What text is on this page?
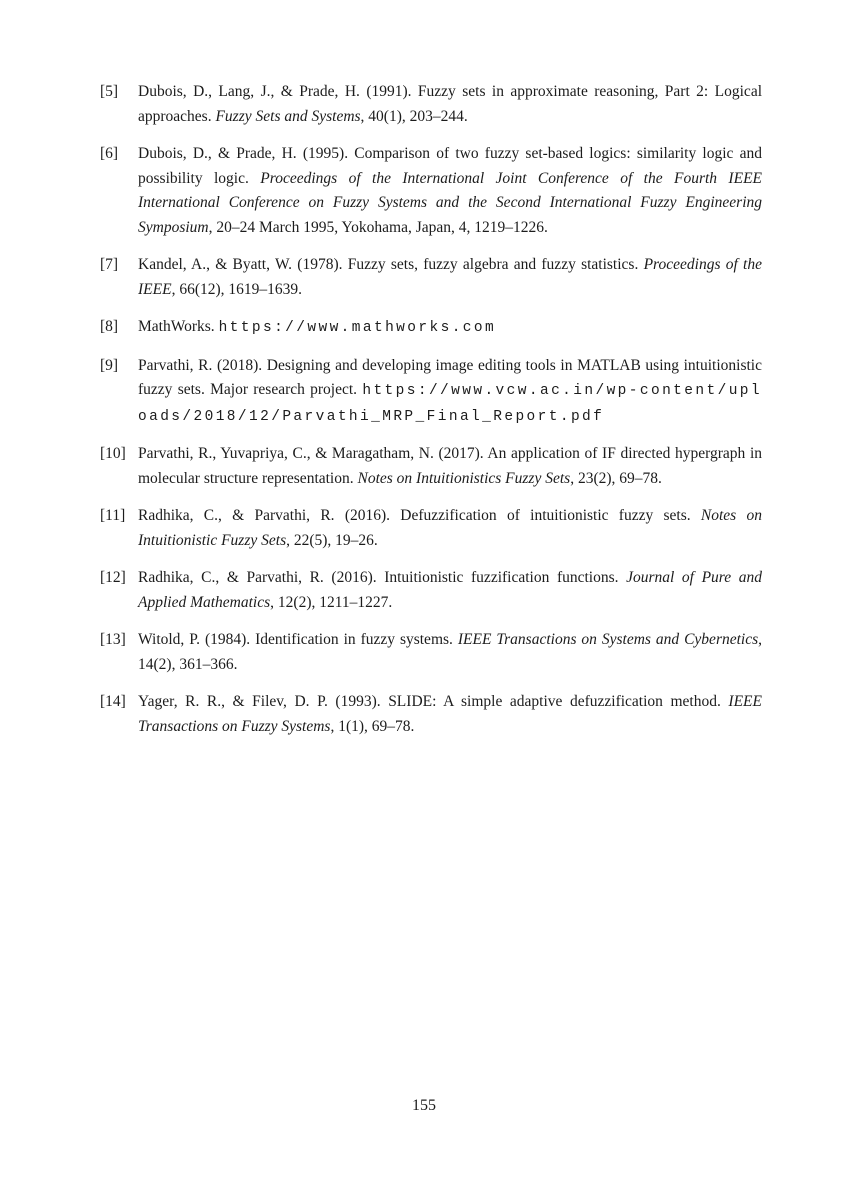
[5]	Dubois, D., Lang, J., & Prade, H. (1991). Fuzzy sets in approximate reasoning, Part 2: Logical approaches. Fuzzy Sets and Systems, 40(1), 203–244.
[6]	Dubois, D., & Prade, H. (1995). Comparison of two fuzzy set-based logics: similarity logic and possibility logic. Proceedings of the International Joint Conference of the Fourth IEEE International Conference on Fuzzy Systems and the Second International Fuzzy Engineering Symposium, 20–24 March 1995, Yokohama, Japan, 4, 1219–1226.
[7]	Kandel, A., & Byatt, W. (1978). Fuzzy sets, fuzzy algebra and fuzzy statistics. Proceedings of the IEEE, 66(12), 1619–1639.
[8]	MathWorks. https://www.mathworks.com
[9]	Parvathi, R. (2018). Designing and developing image editing tools in MATLAB using intuitionistic fuzzy sets. Major research project. https://www.vcw.ac.in/wp-content/uploads/2018/12/Parvathi_MRP_Final_Report.pdf
[10] Parvathi, R., Yuvapriya, C., & Maragatham, N. (2017). An application of IF directed hypergraph in molecular structure representation. Notes on Intuitionistics Fuzzy Sets, 23(2), 69–78.
[11] Radhika, C., & Parvathi, R. (2016). Defuzzification of intuitionistic fuzzy sets. Notes on Intuitionistic Fuzzy Sets, 22(5), 19–26.
[12] Radhika, C., & Parvathi, R. (2016). Intuitionistic fuzzification functions. Journal of Pure and Applied Mathematics, 12(2), 1211–1227.
[13] Witold, P. (1984). Identification in fuzzy systems. IEEE Transactions on Systems and Cybernetics, 14(2), 361–366.
[14] Yager, R. R., & Filev, D. P. (1993). SLIDE: A simple adaptive defuzzification method. IEEE Transactions on Fuzzy Systems, 1(1), 69–78.
155
